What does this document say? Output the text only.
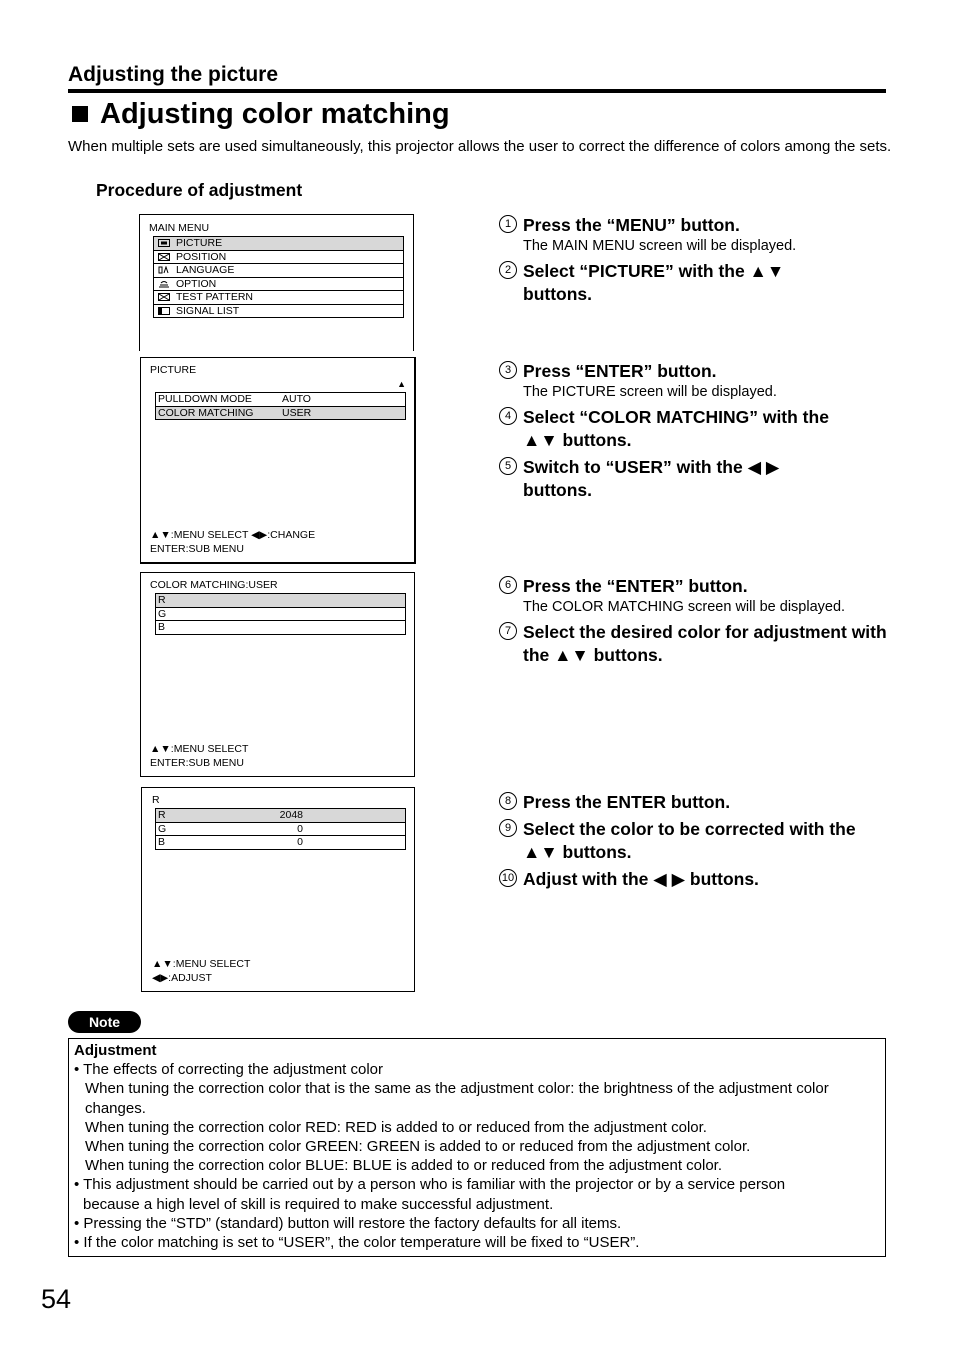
Adjusting the picture
Adjusting color matching
When multiple sets are used simultaneously, this projector allows the user to correct the difference of colors among the sets.
Procedure of adjustment
MAIN MENU
PICTURE
POSITION
LANGUAGE
OPTION
TEST PATTERN
SIGNAL LIST
PICTURE
▲
PULLDOWN MODE	AUTO
COLOR MATCHING	USER
▲▼:MENU SELECT ◀▶:CHANGE
ENTER:SUB MENU
COLOR MATCHING:USER
R
G
B
▲▼:MENU SELECT
ENTER:SUB MENU
R
R	2048
G	0
B	0
▲▼:MENU SELECT
◀▶:ADJUST
1 Press the “MENU” button.
The MAIN MENU screen will be displayed.
2 Select “PICTURE” with the ▲▼ buttons.
3 Press “ENTER” button.
The PICTURE screen will be displayed.
4 Select “COLOR MATCHING” with the ▲▼ buttons.
5 Switch to “USER” with the ◀ ▶ buttons.
6 Press the “ENTER” button.
The COLOR MATCHING screen will be displayed.
7 Select the desired color for adjustment with the ▲▼ buttons.
8 Press the ENTER button.
9 Select the color to be corrected with the ▲▼ buttons.
10 Adjust with the ◀ ▶ buttons.
Note
Adjustment
• The effects of correcting the adjustment color
When tuning the correction color that is the same as the adjustment color: the brightness of the adjustment color changes.
When tuning the correction color RED: RED is added to or reduced from the adjustment color.
When tuning the correction color GREEN: GREEN is added to or reduced from the adjustment color.
When tuning the correction color BLUE: BLUE is added to or reduced from the adjustment color.
• This adjustment should be carried out by a person who is familiar with the projector or by a service person
because a high level of skill is required to make successful adjustment.
• Pressing the “STD” (standard) button will restore the factory defaults for all items.
• If the color matching is set to “USER”, the color temperature will be fixed to “USER”.
54
